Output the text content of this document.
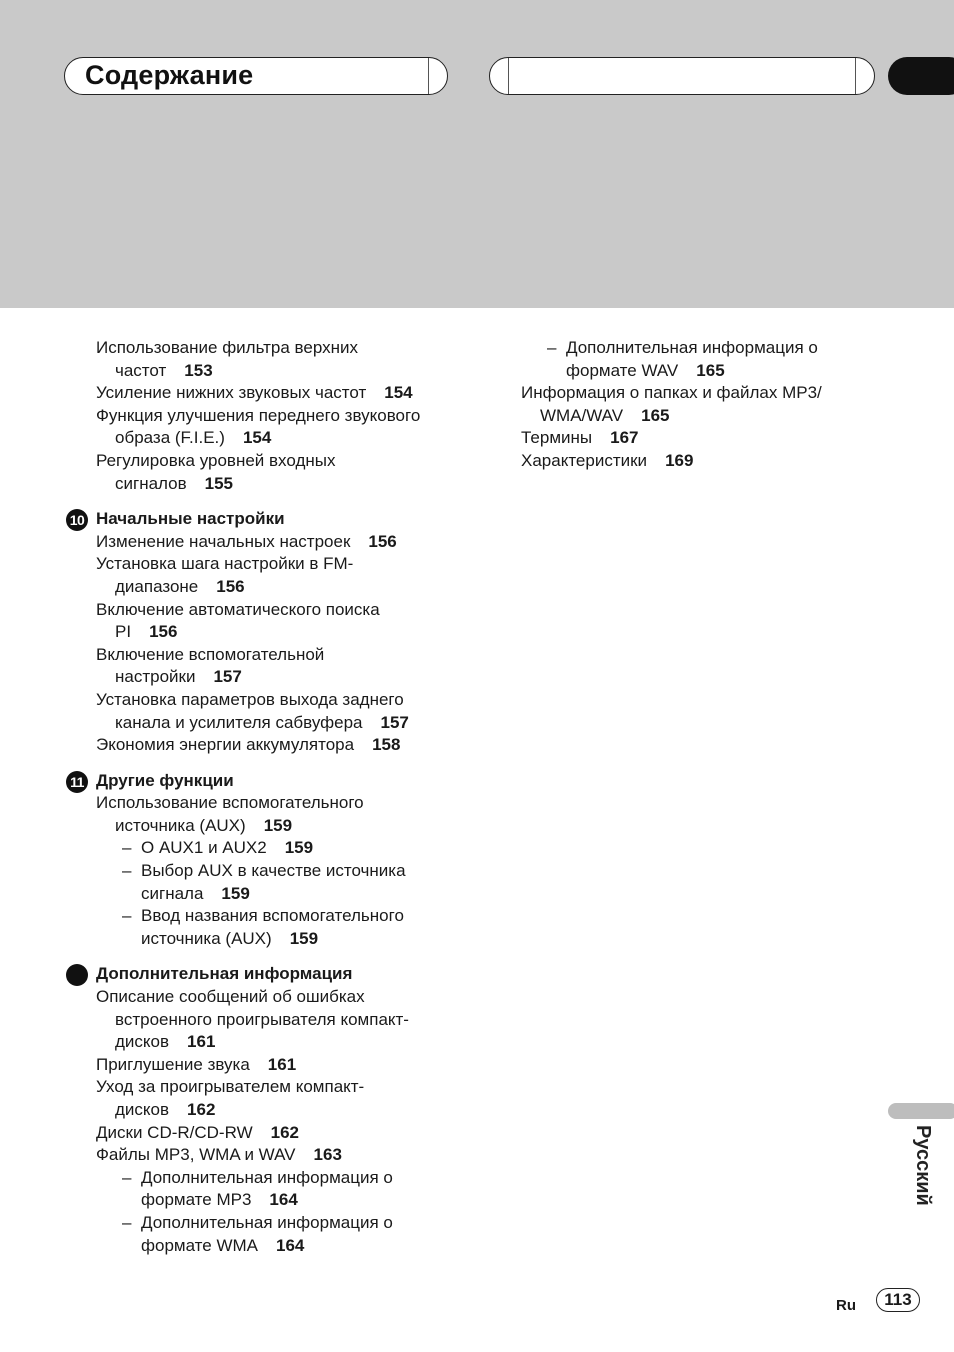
Содержание
Использование фильтра верхних
частот 153
Усиление нижних звуковых частот 154
Функция улучшения переднего звукового
образа (F.I.E.) 154
Регулировка уровней входных
сигналов 155
10 Начальные настройки
Изменение начальных настроек 156
Установка шага настройки в FM-
диапазоне 156
Включение автоматического поиска
PI 156
Включение вспомогательной
настройки 157
Установка параметров выхода заднего
канала и усилителя сабвуфера 157
Экономия энергии аккумулятора 158
11 Другие функции
Использование вспомогательного
источника (AUX) 159
– О AUX1 и AUX2 159
– Выбор AUX в качестве источника сигнала 159
– Ввод названия вспомогательного источника (AUX) 159
Дополнительная информация
Описание сообщений об ошибках
встроенного проигрывателя компакт-
дисков 161
Приглушение звука 161
Уход за проигрывателем компакт-
дисков 162
Диски CD-R/CD-RW 162
Файлы MP3, WMA и WAV 163
– Дополнительная информация о формате MP3 164
– Дополнительная информация о формате WMA 164
– Дополнительная информация о формате WAV 165
Информация о папках и файлах MP3/
WMA/WAV 165
Термины 167
Характеристики 169
Русский
Ru	113
